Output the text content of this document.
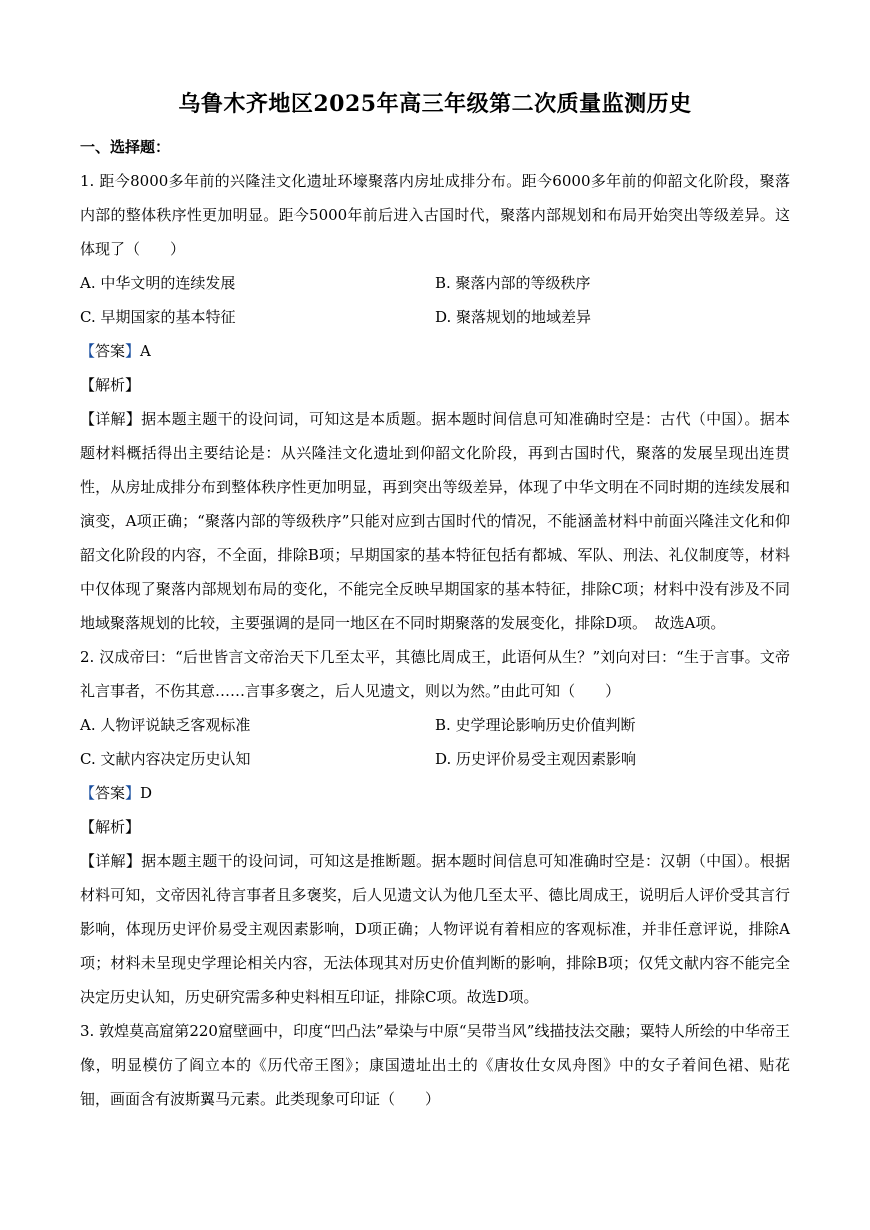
乌鲁木齐地区2025年高三年级第二次质量监测历史
一、选择题：

1. 距今8000多年前的兴隆洼文化遗址环壕聚落内房址成排分布。距今6000多年前的仰韶文化阶段，聚落内部的整体秩序性更加明显。距今5000年前后进入古国时代，聚落内部规划和布局开始突出等级差异。这体现了（　　）

A. 中华文明的连续发展	B. 聚落内部的等级秩序
C. 早期国家的基本特征	D. 聚落规划的地域差异

【答案】A

【解析】

【详解】据本题主题干的设问词，可知这是本质题。据本题时间信息可知准确时空是：古代（中国）。据本题材料概括得出主要结论是：从兴隆洼文化遗址到仰韶文化阶段，再到古国时代，聚落的发展呈现出连贯性，从房址成排分布到整体秩序性更加明显，再到突出等级差异，体现了中华文明在不同时期的连续发展和演变，A项正确；“聚落内部的等级秩序”只能对应到古国时代的情况，不能涵盖材料中前面兴隆洼文化和仰韶文化阶段的内容，不全面，排除B项；早期国家的基本特征包括有都城、军队、刑法、礼仪制度等，材料中仅体现了聚落内部规划布局的变化，不能完全反映早期国家的基本特征，排除C项；材料中没有涉及不同地域聚落规划的比较，主要强调的是同一地区在不同时期聚落的发展变化，排除D项。　故选A项。

2. 汉成帝曰：“后世皆言文帝治天下几至太平，其德比周成王，此语何从生？”刘向对曰：“生于言事。文帝礼言事者，不伤其意……言事多褒之，后人见遗文，则以为然。”由此可知（　　）

A. 人物评说缺乏客观标准	B. 史学理论影响历史价值判断
C. 文献内容决定历史认知	D. 历史评价易受主观因素影响

【答案】D

【解析】

【详解】据本题主题干的设问词，可知这是推断题。据本题时间信息可知准确时空是：汉朝（中国）。根据材料可知，文帝因礼待言事者且多褒奖，后人见遗文认为他几至太平、德比周成王，说明后人评价受其言行影响，体现历史评价易受主观因素影响，D项正确；人物评说有着相应的客观标准，并非任意评说，排除A项；材料未呈现史学理论相关内容，无法体现其对历史价值判断的影响，排除B项；仅凭文献内容不能完全决定历史认知，历史研究需多种史料相互印证，排除C项。故选D项。

3. 敦煌莫高窟第220窟壁画中，印度“凹凸法”晕染与中原“吴带当风”线描技法交融；粟特人所绘的中华帝王像，明显模仿了阎立本的《历代帝王图》；康国遗址出土的《唐妆仕女凤舟图》中的女子着间色裙、贴花钿，画面含有波斯翼马元素。此类现象可印证（　　）
